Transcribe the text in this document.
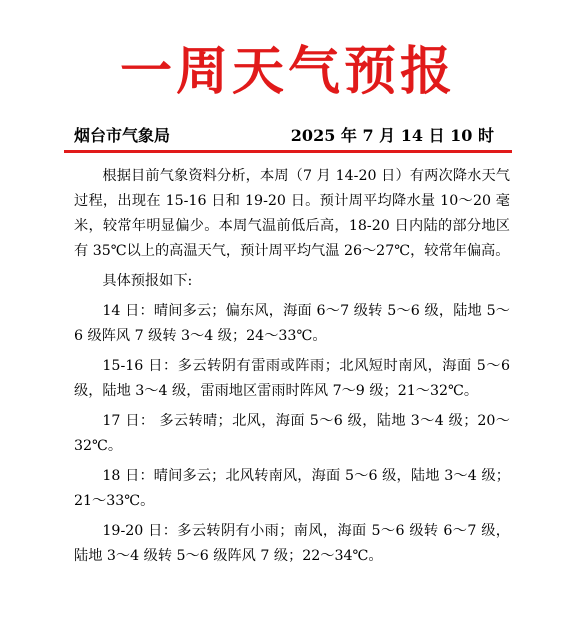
一周天气预报
烟台市气象局	2025 年 7 月 14 日 10 时

根据目前气象资料分析，本周（7 月 14-20 日）有两次降水天气过程，出现在 15-16 日和 19-20 日。预计周平均降水量 10～20 毫米，较常年明显偏少。本周气温前低后高，18-20 日内陆的部分地区有 35℃以上的高温天气，预计周平均气温 26～27℃，较常年偏高。

具体预报如下:

14 日：晴间多云；偏东风，海面 6～7 级转 5～6 级，陆地 5～6 级阵风 7 级转 3～4 级；24～33℃。

15-16 日：多云转阴有雷雨或阵雨；北风短时南风，海面 5～6 级，陆地 3～4 级，雷雨地区雷雨时阵风 7～9 级；21～32℃。

17 日： 多云转晴；北风，海面 5～6 级，陆地 3～4 级；20～32℃。

18 日：晴间多云；北风转南风，海面 5～6 级，陆地 3～4 级；21～33℃。

19-20 日：多云转阴有小雨；南风，海面 5～6 级转 6～7 级，陆地 3～4 级转 5～6 级阵风 7 级；22～34℃。
